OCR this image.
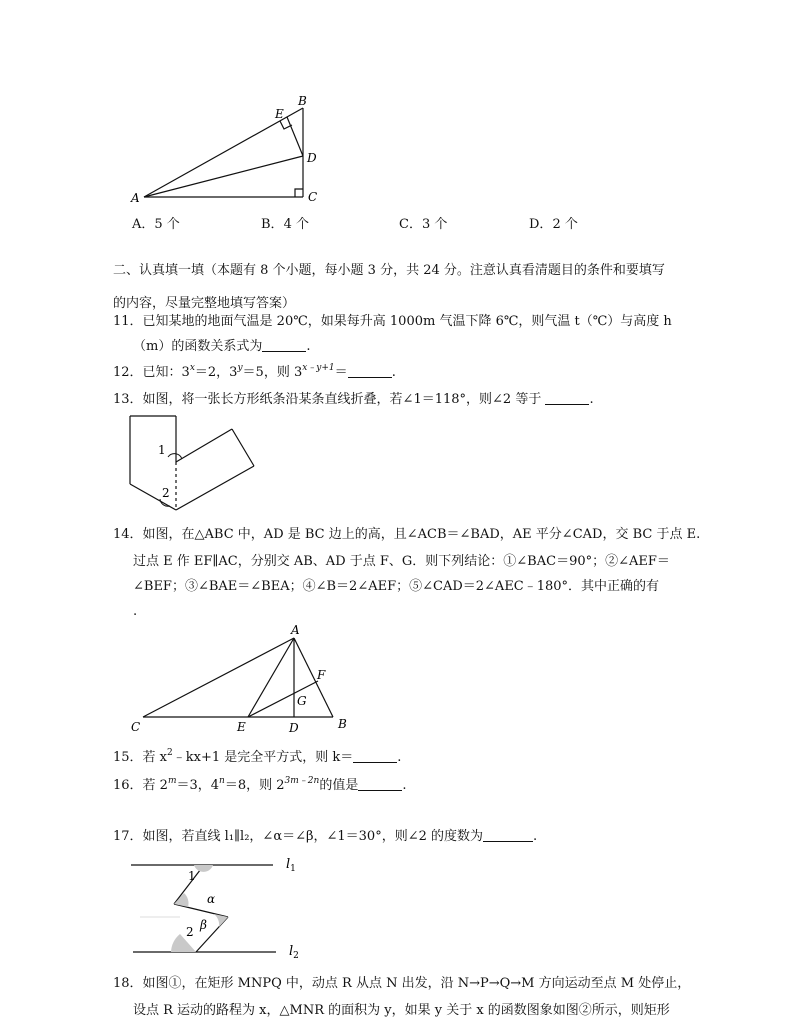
A
B
C
D
E
A．5 个	B．4 个	C．3 个	D．2 个
二、认真填一填（本题有 8 个小题，每小题 3 分，共 24 分。注意认真看清题目的条件和要填写
的内容，尽量完整地填写答案）
11．已知某地的地面气温是 20℃，如果每升高 1000m 气温下降 6℃，则气温 t（℃）与高度 h
（m）的函数关系式为	.
12．已知：$3^x=2$，$3^y=5$，则 $3^{x﹣y+1}=$	.
13．如图，将一张长方形纸条沿某条直线折叠，若∠1＝118°，则∠2 等于	.
1
2
14．如图，在△ABC 中，AD 是 BC 边上的高，且∠ACB＝∠BAD，AE 平分∠CAD，交 BC 于点 E.
过点 E 作 EF∥AC，分别交 AB、AD 于点 F、G．则下列结论：①∠BAC＝90°；②∠AEF＝
∠BEF；③∠BAE＝∠BEA；④∠B＝2∠AEF；⑤∠CAD＝2∠AEC﹣180°．其中正确的有
.
A
B
C	D
E
F
G
15．若 $x^2﹣kx+1$ 是完全平方式，则 k＝	.
16．若 $2^m=3$，$4^n=8$，则 $2^{3m﹣2n}$的值是	.
17．如图，若直线 l₁∥l₂，∠α＝∠β，∠1＝30°，则∠2 的度数为	.
$l_1$
$l_2$
1
α
β
2
18．如图①，在矩形 MNPQ 中，动点 R 从点 N 出发，沿 N→P→Q→M 方向运动至点 M 处停止，
设点 R 运动的路程为 x，△MNR 的面积为 y，如果 y 关于 x 的函数图象如图②所示，则矩形
